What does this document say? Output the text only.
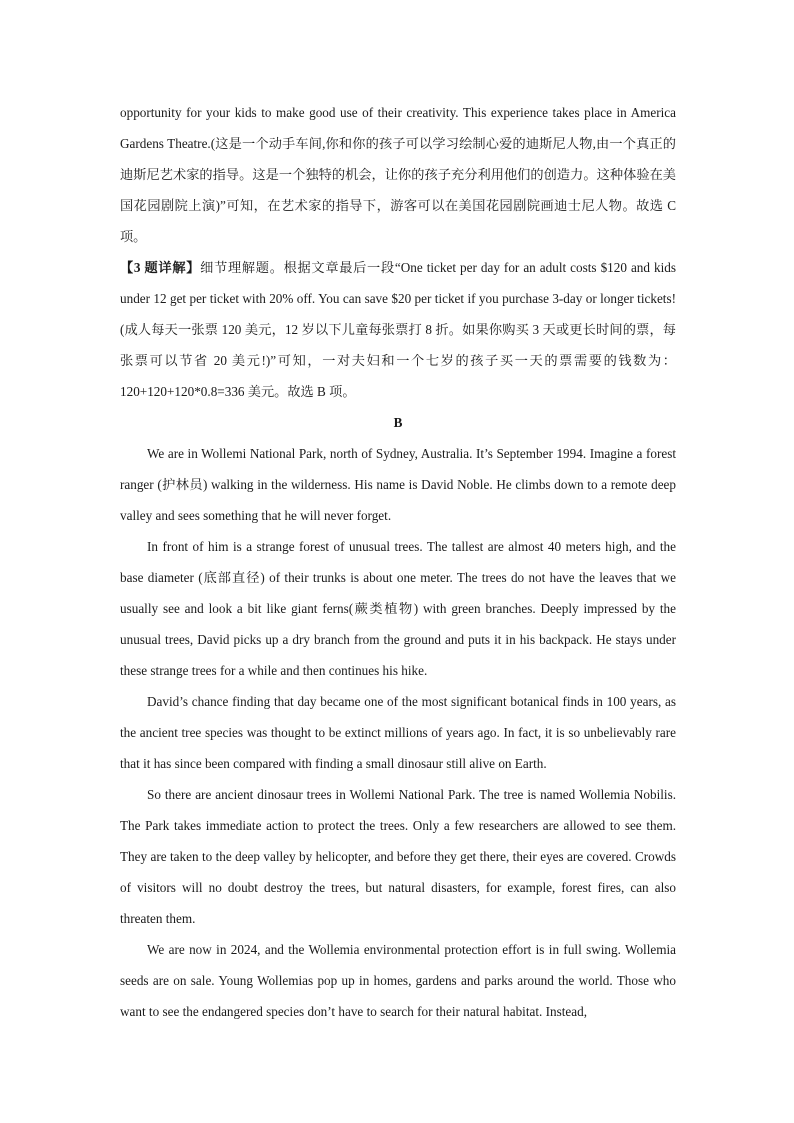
opportunity for your kids to make good use of their creativity. This experience takes place in America Gardens Theatre.(这是一个动手车间,你和你的孩子可以学习绘制心爱的迪斯尼人物,由一个真正的迪斯尼艺术家的指导。这是一个独特的机会，让你的孩子充分利用他们的创造力。这种体验在美国花园剧院上演)”可知，在艺术家的指导下，游客可以在美国花园剧院画迪士尼人物。故选 C 项。

【3 题详解】细节理解题。根据文章最后一段“One ticket per day for an adult costs $120 and kids under 12 get per ticket with 20% off. You can save $20 per ticket if you purchase 3-day or longer tickets!(成人每天一张票 120 美元，12 岁以下儿童每张票打 8 折。如果你购买 3 天或更长时间的票，每张票可以节省 20 美元!)”可知，一对夫妇和一个七岁的孩子买一天的票需要的钱数为：120+120+120*0.8=336 美元。故选 B 项。

B

We are in Wollemi National Park, north of Sydney, Australia. It’s September 1994. Imagine a forest ranger (护林员) walking in the wilderness. His name is David Noble. He climbs down to a remote deep valley and sees something that he will never forget.

In front of him is a strange forest of unusual trees. The tallest are almost 40 meters high, and the base diameter (底部直径) of their trunks is about one meter. The trees do not have the leaves that we usually see and look a bit like giant ferns(蕨类植物) with green branches. Deeply impressed by the unusual trees, David picks up a dry branch from the ground and puts it in his backpack. He stays under these strange trees for a while and then continues his hike.

David’s chance finding that day became one of the most significant botanical finds in 100 years, as the ancient tree species was thought to be extinct millions of years ago. In fact, it is so unbelievably rare that it has since been compared with finding a small dinosaur still alive on Earth.

So there are ancient dinosaur trees in Wollemi National Park. The tree is named Wollemia Nobilis. The Park takes immediate action to protect the trees. Only a few researchers are allowed to see them. They are taken to the deep valley by helicopter, and before they get there, their eyes are covered. Crowds of visitors will no doubt destroy the trees, but natural disasters, for example, forest fires, can also threaten them.

We are now in 2024, and the Wollemia environmental protection effort is in full swing. Wollemia seeds are on sale. Young Wollemias pop up in homes, gardens and parks around the world. Those who want to see the endangered species don’t have to search for their natural habitat. Instead,
